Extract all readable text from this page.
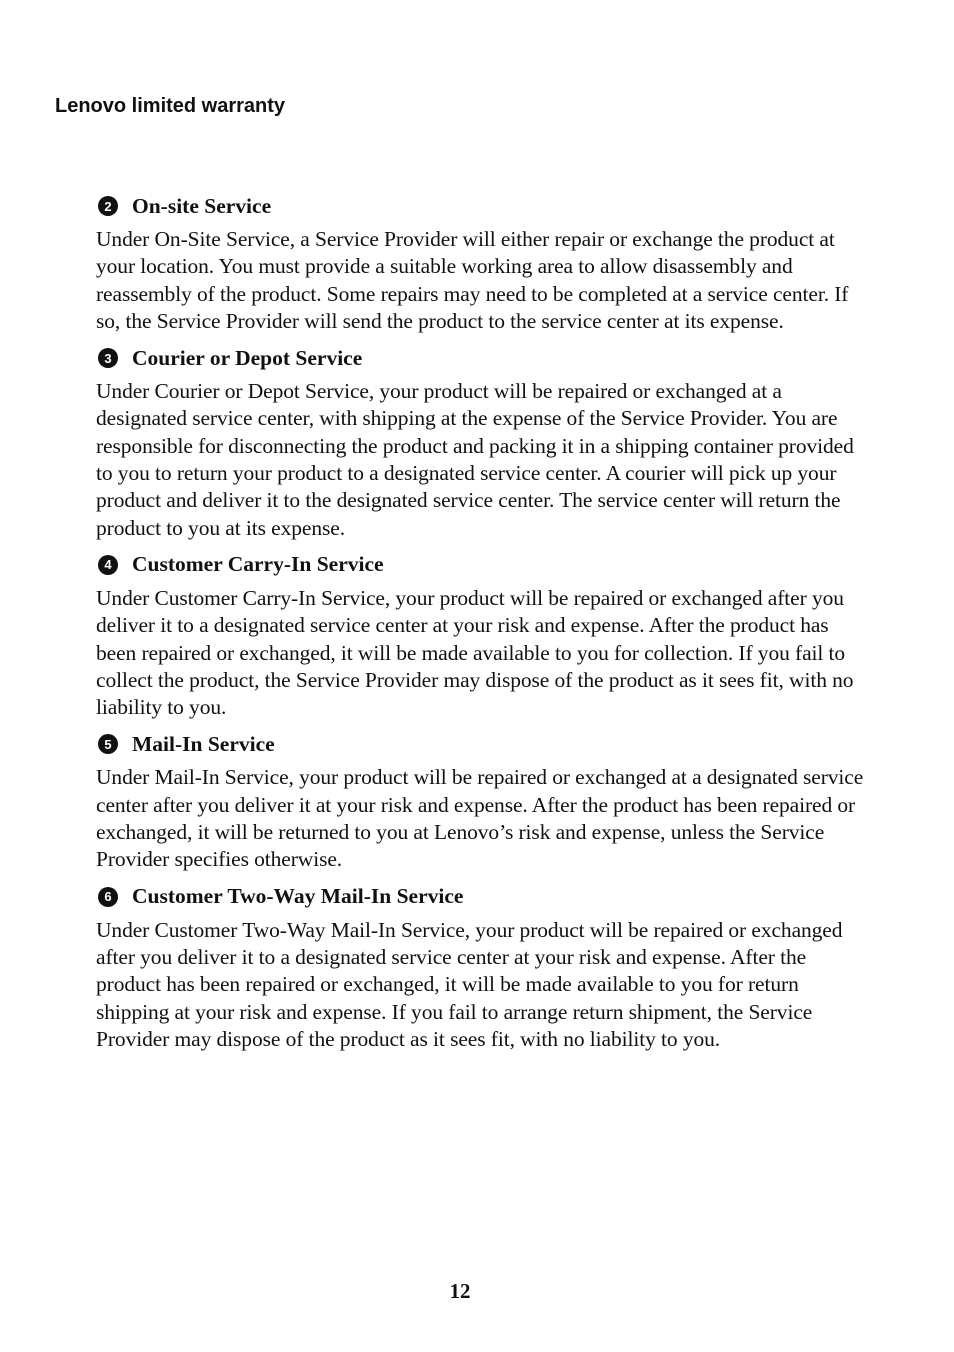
Lenovo limited warranty
2 On-site Service

Under On-Site Service, a Service Provider will either repair or exchange the product at your location. You must provide a suitable working area to allow disassembly and reassembly of the product. Some repairs may need to be completed at a service center. If so, the Service Provider will send the product to the service center at its expense.

3 Courier or Depot Service

Under Courier or Depot Service, your product will be repaired or exchanged at a designated service center, with shipping at the expense of the Service Provider. You are responsible for disconnecting the product and packing it in a shipping container provided to you to return your product to a designated service center. A courier will pick up your product and deliver it to the designated service center. The service center will return the product to you at its expense.

4 Customer Carry-In Service

Under Customer Carry-In Service, your product will be repaired or exchanged after you deliver it to a designated service center at your risk and expense. After the product has been repaired or exchanged, it will be made available to you for collection. If you fail to collect the product, the Service Provider may dispose of the product as it sees fit, with no liability to you.

5 Mail-In Service

Under Mail-In Service, your product will be repaired or exchanged at a designated service center after you deliver it at your risk and expense. After the product has been repaired or exchanged, it will be returned to you at Lenovo’s risk and expense, unless the Service Provider specifies otherwise.

6 Customer Two-Way Mail-In Service

Under Customer Two-Way Mail-In Service, your product will be repaired or exchanged after you deliver it to a designated service center at your risk and expense. After the product has been repaired or exchanged, it will be made available to you for return shipping at your risk and expense. If you fail to arrange return shipment, the Service Provider may dispose of the product as it sees fit, with no liability to you.

12
